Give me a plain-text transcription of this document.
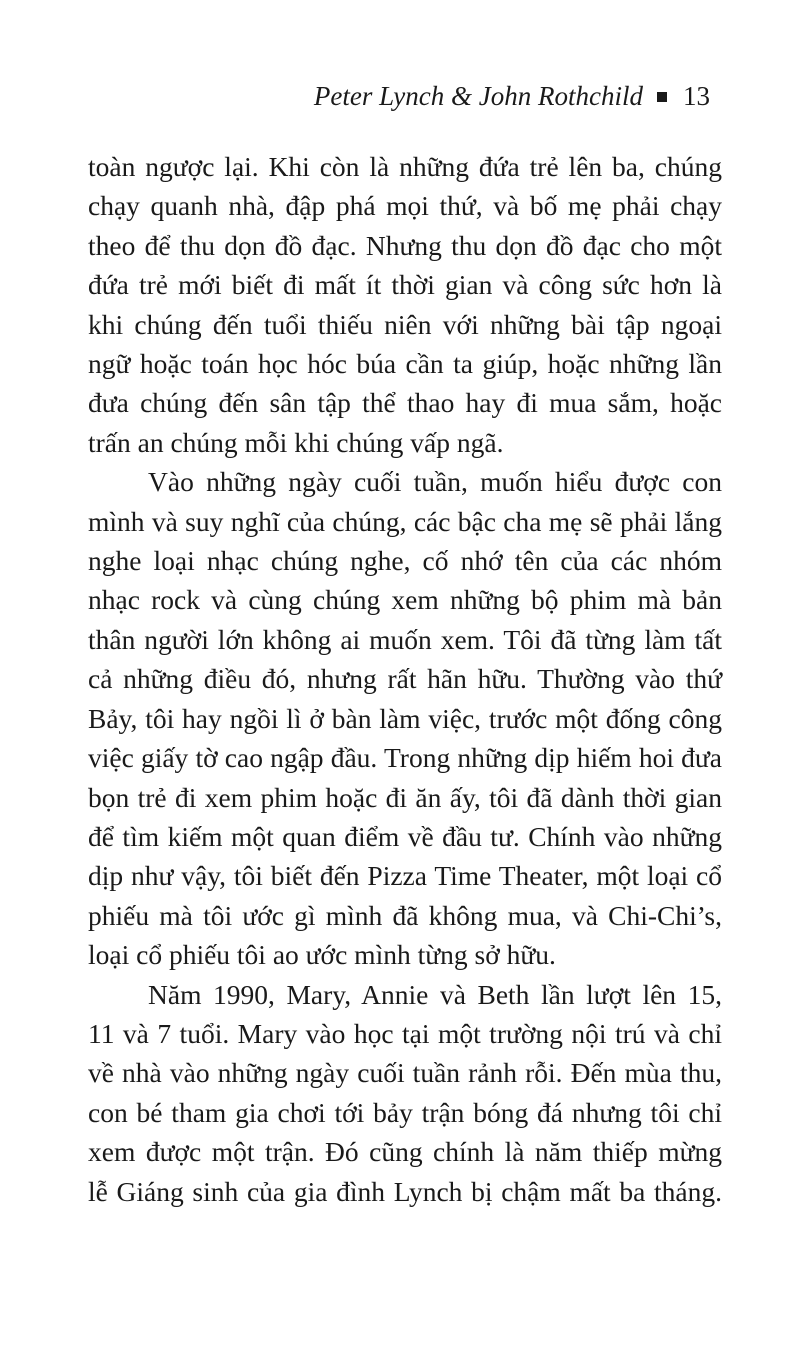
Peter Lynch & John Rothchild 13
toàn ngược lại. Khi còn là những đứa trẻ lên ba, chúng
chạy quanh nhà, đập phá mọi thứ, và bố mẹ phải chạy
theo để thu dọn đồ đạc. Nhưng thu dọn đồ đạc cho một
đứa trẻ mới biết đi mất ít thời gian và công sức hơn là
khi chúng đến tuổi thiếu niên với những bài tập ngoại
ngữ hoặc toán học hóc búa cần ta giúp, hoặc những lần
đưa chúng đến sân tập thể thao hay đi mua sắm, hoặc
trấn an chúng mỗi khi chúng vấp ngã.
Vào những ngày cuối tuần, muốn hiểu được con
mình và suy nghĩ của chúng, các bậc cha mẹ sẽ phải lắng
nghe loại nhạc chúng nghe, cố nhớ tên của các nhóm
nhạc rock và cùng chúng xem những bộ phim mà bản
thân người lớn không ai muốn xem. Tôi đã từng làm tất
cả những điều đó, nhưng rất hãn hữu. Thường vào thứ
Bảy, tôi hay ngồi lì ở bàn làm việc, trước một đống công
việc giấy tờ cao ngập đầu. Trong những dịp hiếm hoi đưa
bọn trẻ đi xem phim hoặc đi ăn ấy, tôi đã dành thời gian
để tìm kiếm một quan điểm về đầu tư. Chính vào những
dịp như vậy, tôi biết đến Pizza Time Theater, một loại cổ
phiếu mà tôi ước gì mình đã không mua, và Chi-Chi’s,
loại cổ phiếu tôi ao ước mình từng sở hữu.
Năm 1990, Mary, Annie và Beth lần lượt lên 15,
11 và 7 tuổi. Mary vào học tại một trường nội trú và chỉ
về nhà vào những ngày cuối tuần rảnh rỗi. Đến mùa thu,
con bé tham gia chơi tới bảy trận bóng đá nhưng tôi chỉ
xem được một trận. Đó cũng chính là năm thiếp mừng
lễ Giáng sinh của gia đình Lynch bị chậm mất ba tháng.
